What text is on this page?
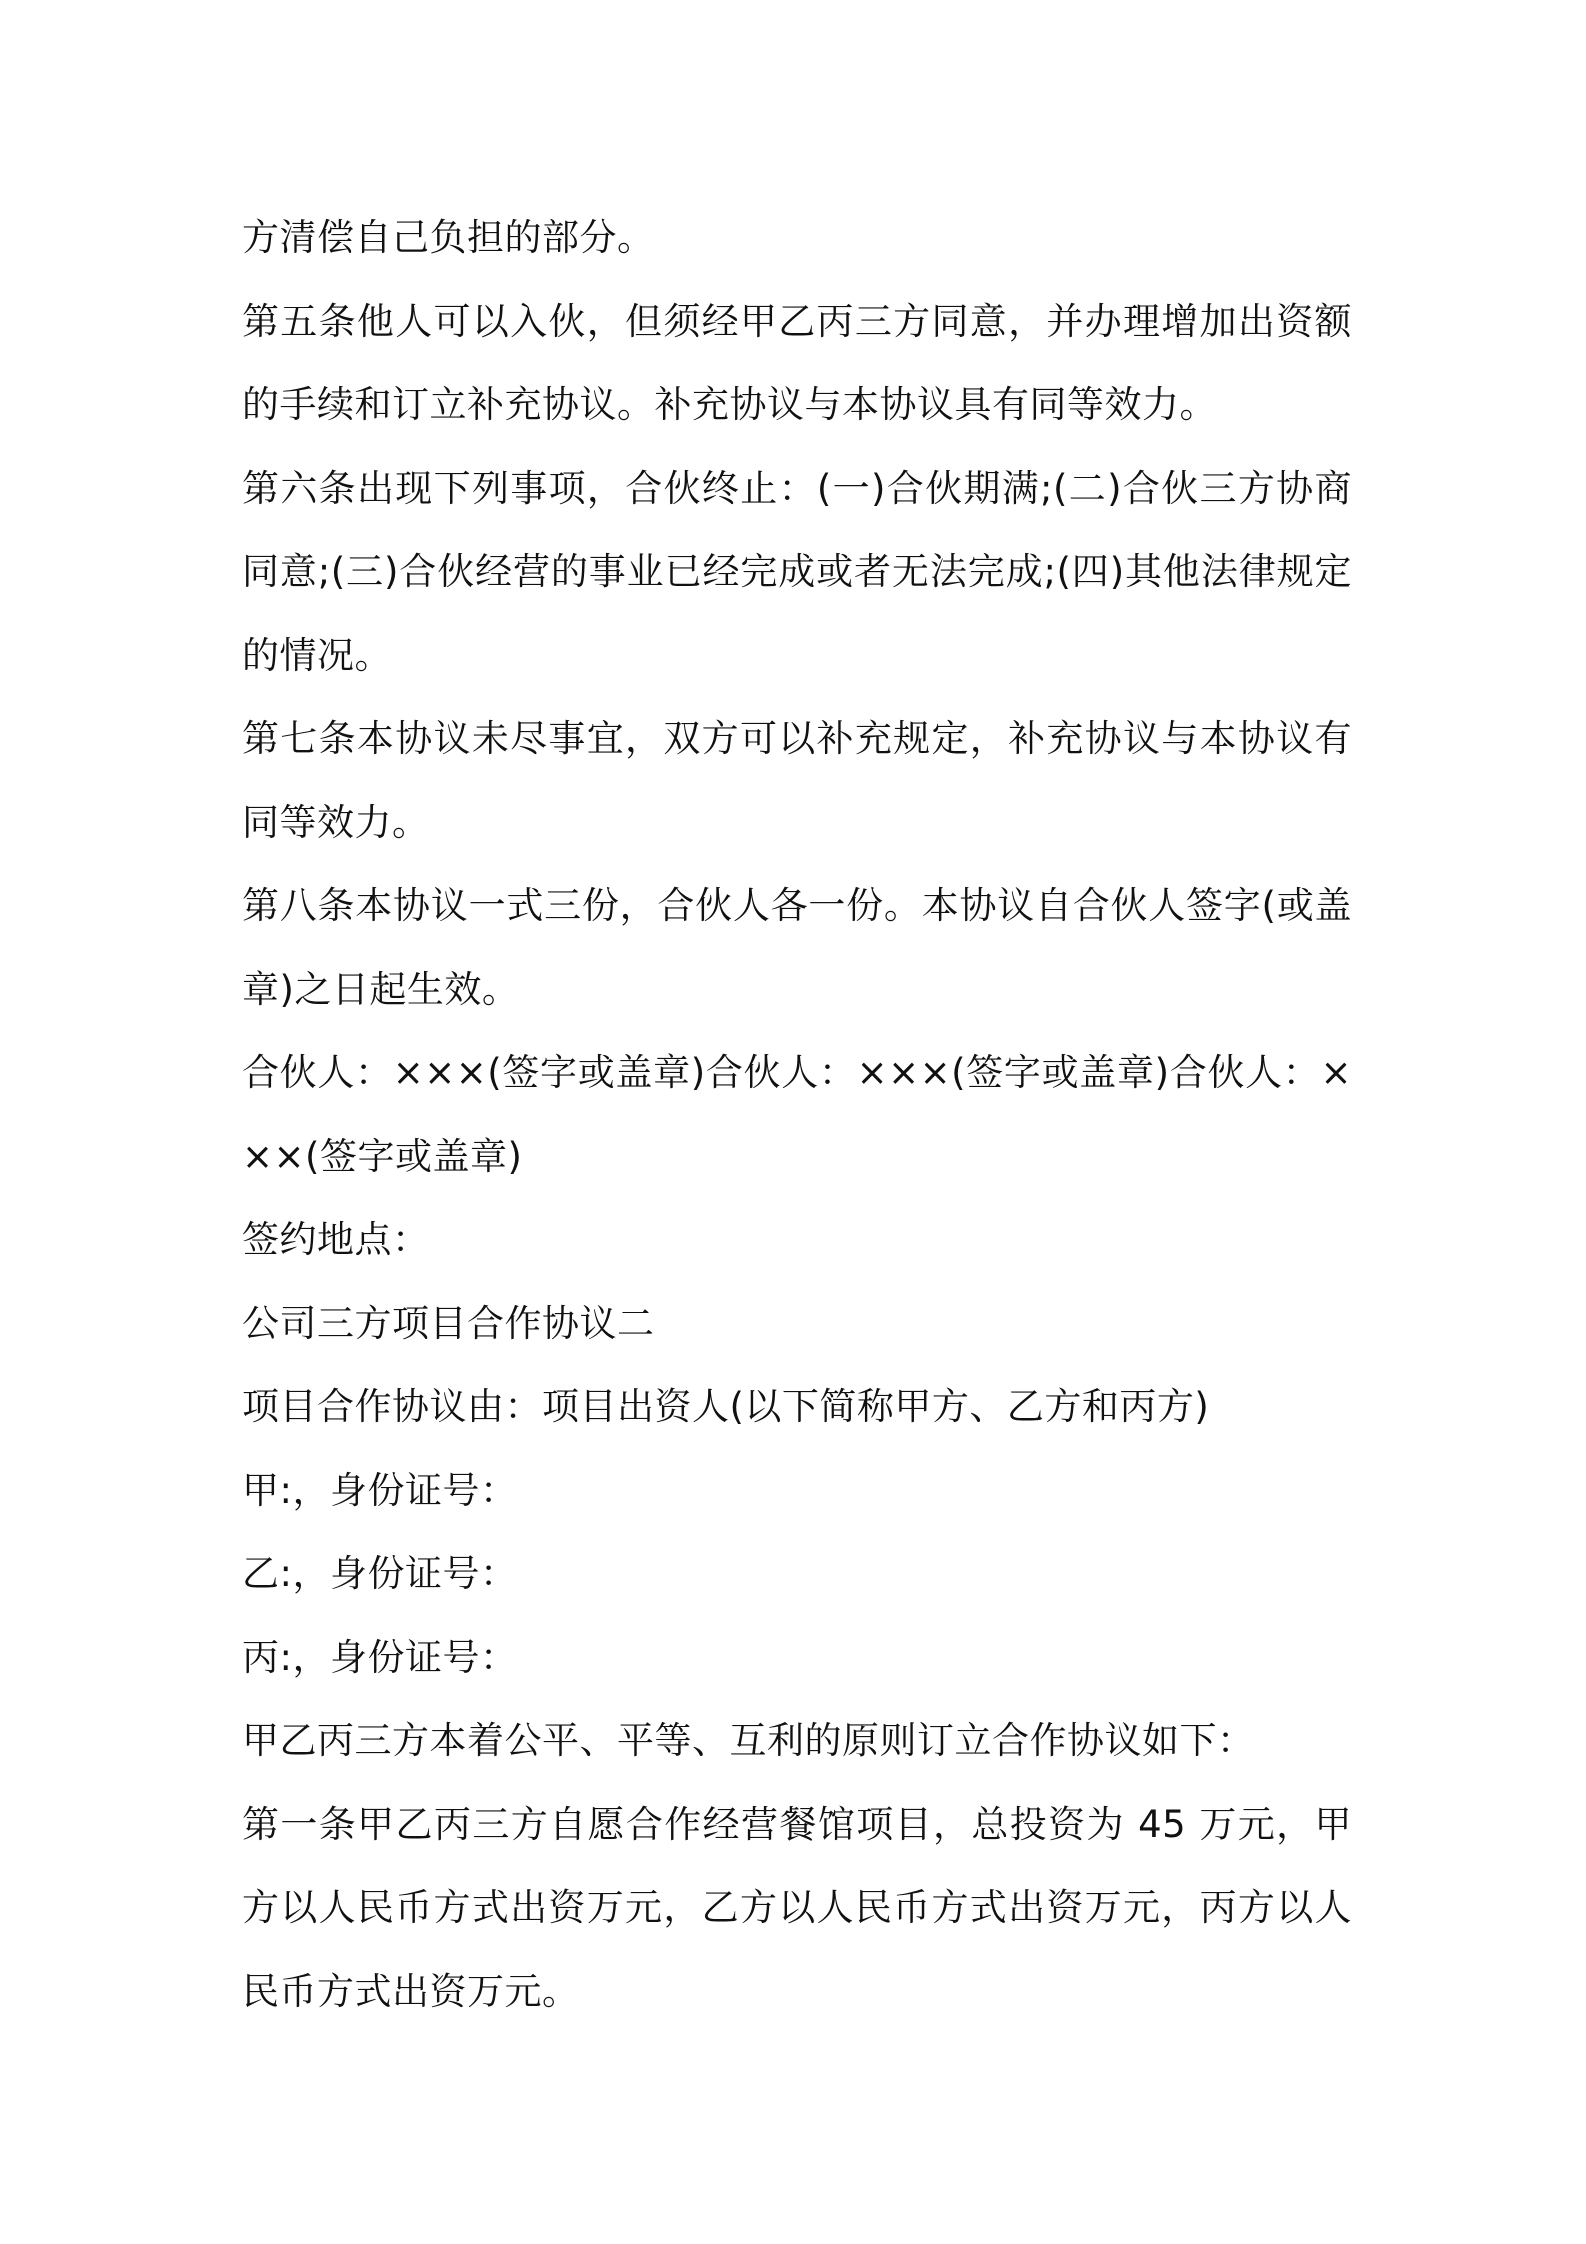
方清偿自己负担的部分。

第五条他人可以入伙，但须经甲乙丙三方同意，并办理增加出资额的手续和订立补充协议。补充协议与本协议具有同等效力。

第六条出现下列事项，合伙终止：(一)合伙期满;(二)合伙三方协商同意;(三)合伙经营的事业已经完成或者无法完成;(四)其他法律规定的情况。

第七条本协议未尽事宜，双方可以补充规定，补充协议与本协议有同等效力。

第八条本协议一式三份，合伙人各一份。本协议自合伙人签字(或盖章)之日起生效。

合伙人：×××(签字或盖章)合伙人：×××(签字或盖章)合伙人：×××(签字或盖章)

签约地点：

公司三方项目合作协议二

项目合作协议由：项目出资人(以下简称甲方、乙方和丙方)

甲:，身份证号：

乙:，身份证号：

丙:，身份证号：

甲乙丙三方本着公平、平等、互利的原则订立合作协议如下：

第一条甲乙丙三方自愿合作经营餐馆项目，总投资为 45 万元，甲方以人民币方式出资万元，乙方以人民币方式出资万元，丙方以人民币方式出资万元。
